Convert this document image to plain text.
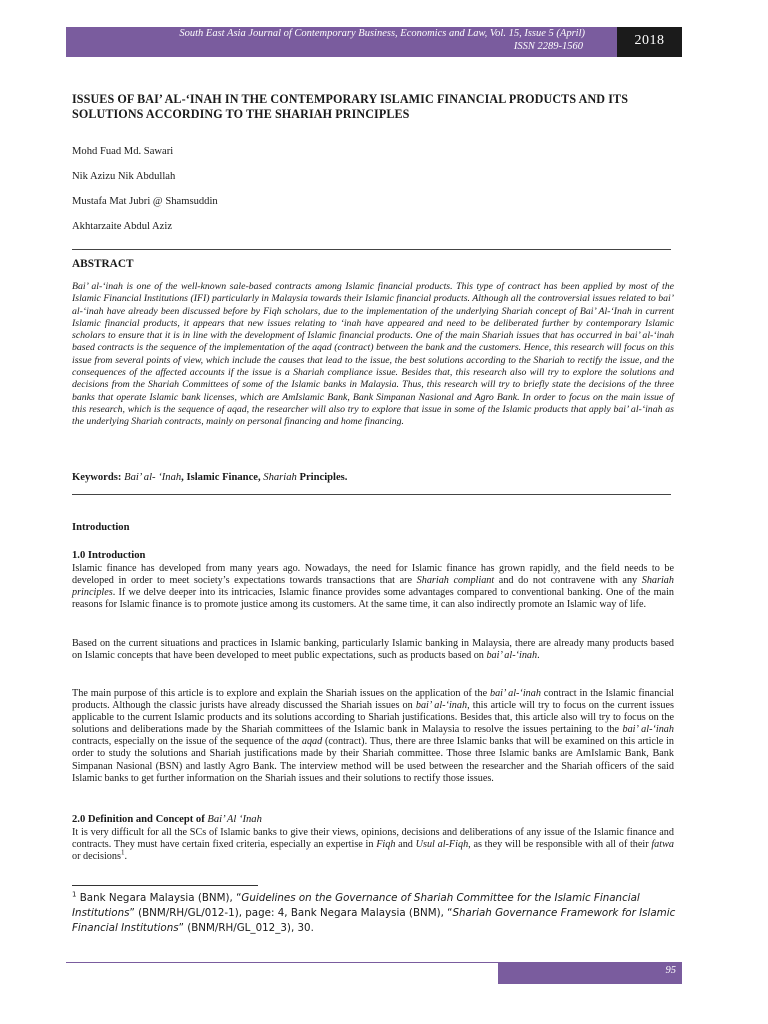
South East Asia Journal of Contemporary Business, Economics and Law, Vol. 15, Issue 5 (April)
ISSN 2289-1560	2018
ISSUES OF BAI’ AL-‘INAH IN THE CONTEMPORARY ISLAMIC FINANCIAL PRODUCTS AND ITS SOLUTIONS ACCORDING TO THE SHARIAH PRINCIPLES
Mohd Fuad Md. Sawari
Nik Azizu Nik Abdullah
Mustafa Mat Jubri @ Shamsuddin
Akhtarzaite Abdul Aziz
ABSTRACT
Bai’ al-‘inah is one of the well-known sale-based contracts among Islamic financial products. This type of contract has been applied by most of the Islamic Financial Institutions (IFI) particularly in Malaysia towards their Islamic financial products. Although all the controversial issues related to bai’ al-‘inah have already been discussed before by Fiqh scholars, due to the implementation of the underlying Shariah concept of Bai’ Al-‘Inah in current Islamic financial products, it appears that new issues relating to ‘inah have appeared and need to be deliberated further by contemporary Islamic scholars to ensure that it is in line with the development of Islamic financial products. One of the main Shariah issues that has occurred in bai’ al-‘inah based contracts is the sequence of the implementation of the aqad (contract) between the bank and the customers. Hence, this research will focus on this issue from several points of view, which include the causes that lead to the issue, the best solutions according to the Shariah to rectify the issue, and the consequences of the affected accounts if the issue is a Shariah compliance issue. Besides that, this research also will try to explore the solutions and decisions from the Shariah Committees of some of the Islamic banks in Malaysia. Thus, this research will try to briefly state the decisions of the three banks that operate Islamic bank licenses, which are AmIslamic Bank, Bank Simpanan Nasional and Agro Bank. In order to focus on the main issue of this research, which is the sequence of aqad, the researcher will also try to explore that issue in some of the Islamic products that apply bai’ al-‘inah as the underlying Shariah contracts, mainly on personal financing and home financing.
Keywords: Bai’ al- ‘Inah, Islamic Finance, Shariah Principles.
Introduction
1.0 Introduction
Islamic finance has developed from many years ago. Nowadays, the need for Islamic finance has grown rapidly, and the field needs to be developed in order to meet society’s expectations towards transactions that are Shariah compliant and do not contravene with any Shariah principles. If we delve deeper into its intricacies, Islamic finance provides some advantages compared to conventional banking. One of the main reasons for Islamic finance is to promote justice among its customers. At the same time, it can also indirectly promote an Islamic way of life.
Based on the current situations and practices in Islamic banking, particularly Islamic banking in Malaysia, there are already many products based on Islamic concepts that have been developed to meet public expectations, such as products based on bai’ al-‘inah.
The main purpose of this article is to explore and explain the Shariah issues on the application of the bai’ al-‘inah contract in the Islamic financial products. Although the classic jurists have already discussed the Shariah issues on bai’ al-‘inah, this article will try to focus on the current issues applicable to the current Islamic products and its solutions according to Shariah justifications. Besides that, this article also will try to focus on the solutions and deliberations made by the Shariah committees of the Islamic bank in Malaysia to resolve the issues pertaining to the bai’ al-‘inah contracts, especially on the issue of the sequence of the aqad (contract). Thus, there are three Islamic banks that will be examined on this article in order to study the solutions and Shariah justifications made by their Shariah committee. Those three Islamic banks are AmIslamic Bank, Bank Simpanan Nasional (BSN) and lastly Agro Bank. The interview method will be used between the researcher and the Shariah officers of the said Islamic banks to get further information on the Shariah issues and their solutions to rectify those issues.
2.0 Definition and Concept of Bai’ Al ‘Inah
It is very difficult for all the SCs of Islamic banks to give their views, opinions, decisions and deliberations of any issue of the Islamic finance and contracts. They must have certain fixed criteria, especially an expertise in Fiqh and Usul al-Fiqh, as they will be responsible with all of their fatwa or decisions$^1$.
$^1$ Bank Negara Malaysia (BNM), “Guidelines on the Governance of Shariah Committee for the Islamic Financial Institutions” (BNM/RH/GL/012-1), page: 4, Bank Negara Malaysia (BNM), “Shariah Governance Framework for Islamic Financial Institutions” (BNM/RH/GL_012_3), 30.
95
